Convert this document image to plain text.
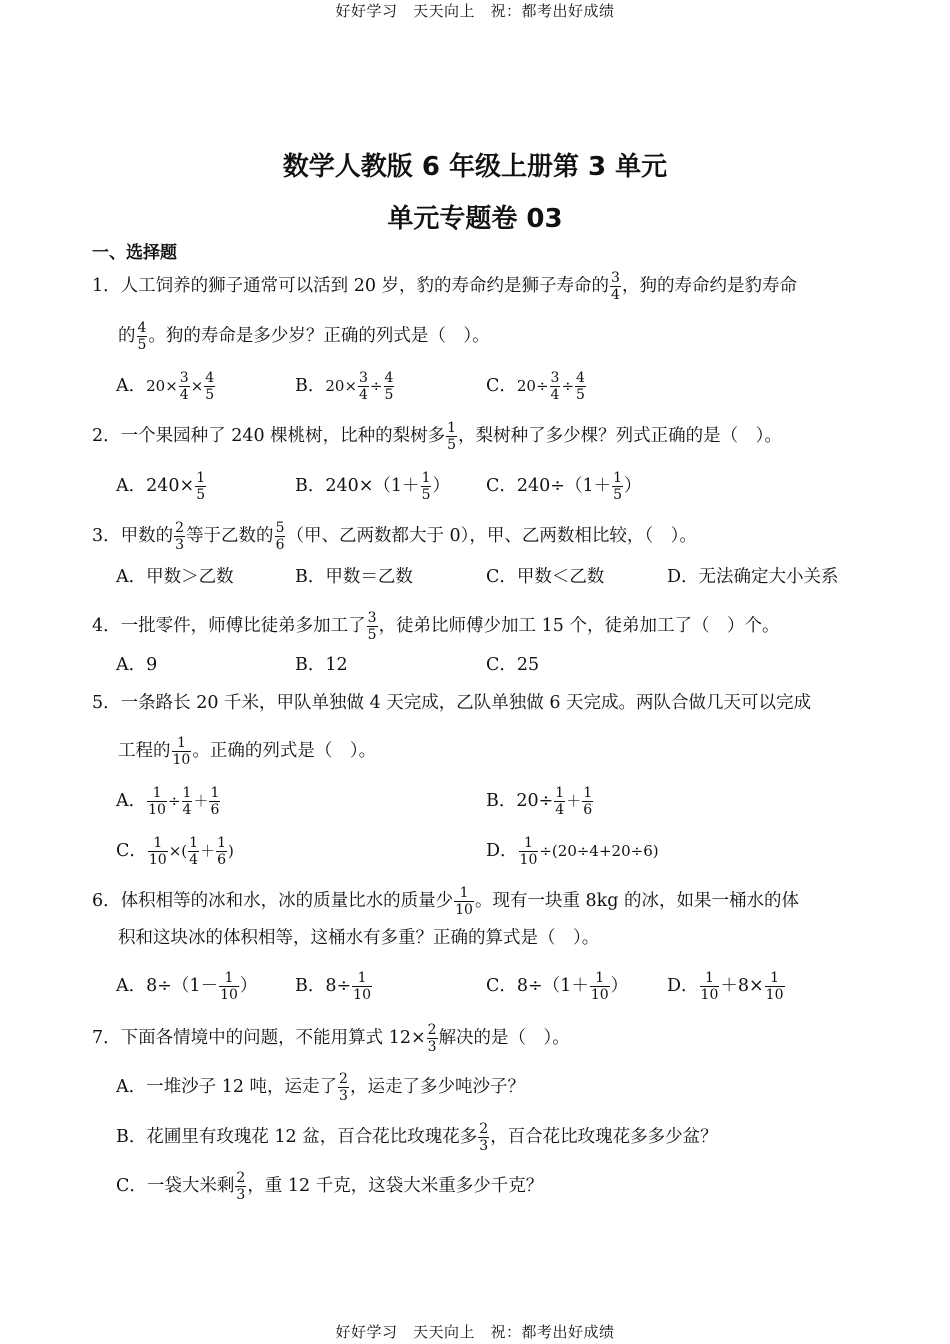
好好学习　天天向上　祝：都考出好成绩
数学人教版 6 年级上册第 3 单元
单元专题卷 03
一、选择题
1．人工饲养的狮子通常可以活到 20 岁，豹的寿命约是狮子寿命的 $\frac{3}{4}$ ，狗的寿命约是豹寿命
的 $\frac{4}{5}$ 。狗的寿命是多少岁？正确的列式是（　）。
A．$20\times \frac{3}{4} \times \frac{4}{5}$	B．$20\times \frac{3}{4} \div \frac{4}{5}$	C．$20\div \frac{3}{4} \div \frac{4}{5}$
2．一个果园种了 240 棵桃树，比种的梨树多 $\frac{1}{5}$ ，梨树种了多少棵？列式正确的是（　）。
A．$240\times \frac{1}{5}$	B．$240\times(1+ \frac{1}{5}$ ） C．$240\div(1+ \frac{1}{5}$ ）
3．甲数的 $\frac{2}{3}$ 等于乙数的 $\frac{5}{6}$ （甲、乙两数都大于 0），甲、乙两数相比较，（　）。
A．甲数＞乙数	B．甲数＝乙数	C．甲数＜乙数	D．无法确定大小关系
4．一批零件，师傅比徒弟多加工了 $\frac{3}{5}$ ，徒弟比师傅少加工 15 个，徒弟加工了（　）个。
A．9	B．12	C．25
5．一条路长 20 千米，甲队单独做 4 天完成，乙队单独做 6 天完成。两队合做几天可以完成
工程的 $\frac{1}{10}$ 。正确的列式是（　）。
A． $\frac{1}{10} \div \frac{1}{4} + \frac{1}{6}$	B．$20\div \frac{1}{4} + \frac{1}{6}$
C． $\frac{1}{10}$ ×( $\frac{1}{4} + \frac{1}{6}$ )	D． $\frac{1}{10} \div(20\div 4+20\div 6)$
6．体积相等的冰和水，冰的质量比水的质量少 $\frac{1}{10}$ 。现有一块重 8kg 的冰，如果一桶水的体
积和这块冰的体积相等，这桶水有多重？正确的算式是（　）。
A．$8\div(1- \frac{1}{10}$ ） B．$8\div \frac{1}{10}$	C．$8\div(1+ \frac{1}{10}$ ） D． $\frac{1}{10} +8\times \frac{1}{10}$
7．下面各情境中的问题，不能用算式 $12\times \frac{2}{3}$ 解决的是（　）。
A．一堆沙子 12 吨，运走了 $\frac{2}{3}$ ，运走了多少吨沙子？
B．花圃里有玫瑰花 12 盆，百合花比玫瑰花多 $\frac{2}{3}$ ，百合花比玫瑰花多多少盆？
C．一袋大米剩 $\frac{2}{3}$ ，重 12 千克，这袋大米重多少千克？
好好学习　天天向上　祝：都考出好成绩
